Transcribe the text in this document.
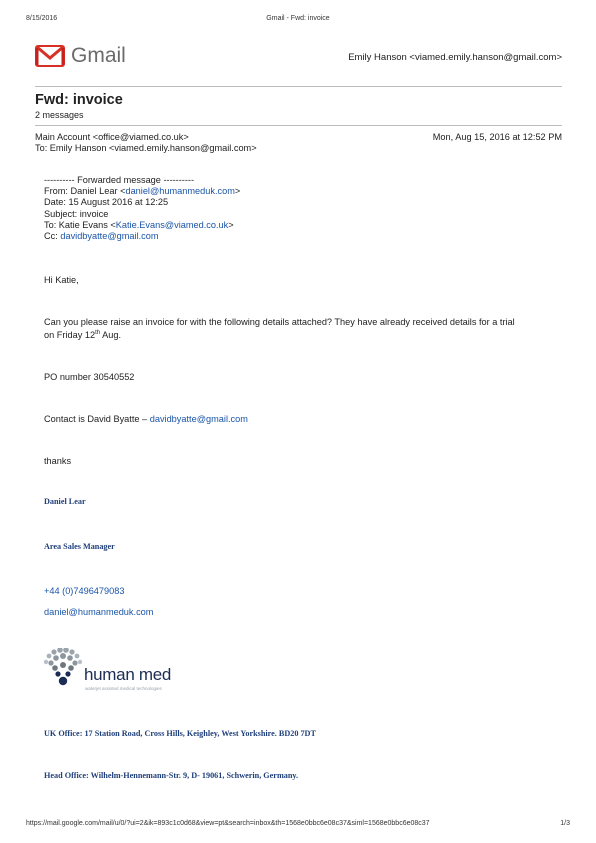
8/15/2016	Gmail - Fwd: invoice
Gmail	Emily Hanson <viamed.emily.hanson@gmail.com>
Fwd: invoice
2 messages
Main Account <office@viamed.co.uk>	Mon, Aug 15, 2016 at 12:52 PM
To: Emily Hanson <viamed.emily.hanson@gmail.com>
---------- Forwarded message ----------
From: Daniel Lear <daniel@humanmeduk.com>
Date: 15 August 2016 at 12:25
Subject: invoice
To: Katie Evans <Katie.Evans@viamed.co.uk>
Cc: davidbyatte@gmail.com
Hi Katie,
Can you please raise an invoice for with the following details attached? They have already received details for a trial
on Friday 12th Aug.
PO number 30540552
Contact is David Byatte – davidbyatte@gmail.com
thanks
Daniel Lear
Area Sales Manager
+44 (0)7496479083
daniel@humanmeduk.com
human med
waterjet assisted medical technologies
UK Office: 17 Station Road, Cross Hills, Keighley, West Yorkshire. BD20 7DT
Head Office: Wilhelm-Hennemann-Str. 9, D- 19061, Schwerin, Germany.
https://mail.google.com/mail/u/0/?ui=2&ik=893c1c0d68&view=pt&search=inbox&th=1568e0bbc6e08c37&siml=1568e0bbc6e08c37	1/3
